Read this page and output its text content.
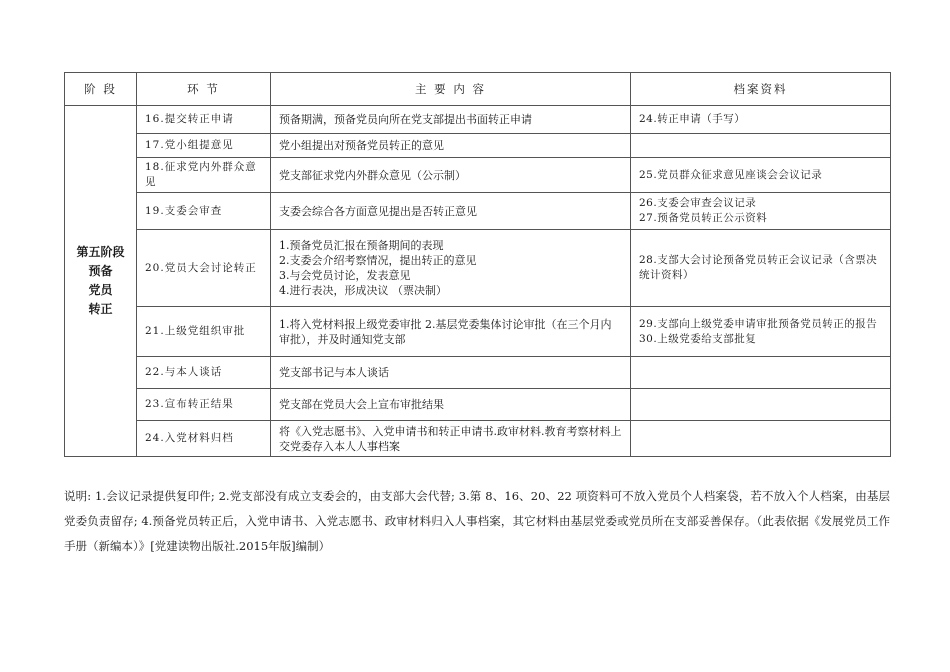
阶 段	环 节	主 要 内 容	档案资料

第五阶段
预备
党员
转正	16.提交转正申请	预备期满，预备党员向所在党支部提出书面转正申请	24.转正申请（手写）

	17.党小组提意见	党小组提出对预备党员转正的意见	

	18.征求党内外群众意见	党支部征求党内外群众意见（公示制）	25.党员群众征求意见座谈会会议记录

	19.支委会审查	支委会综合各方面意见提出是否转正意见	26.支委会审查会议记录
27.预备党员转正公示资料

	20.党员大会讨论转正	1.预备党员汇报在预备期间的表现
2.支委会介绍考察情况，提出转正的意见
3.与会党员讨论，发表意见
4.进行表决，形成决议 （票决制）	28.支部大会讨论预备党员转正会议记录（含票决统计资料）

	21.上级党组织审批	1.将入党材料报上级党委审批 2.基层党委集体讨论审批（在三个月内审批），并及时通知党支部	29.支部向上级党委申请审批预备党员转正的报告
30.上级党委给支部批复

	22.与本人谈话	党支部书记与本人谈话	

	23.宣布转正结果	党支部在党员大会上宣布审批结果	

	24.入党材料归档	将《入党志愿书》、入党申请书和转正申请书.政审材料.教育考察材料上交党委存入本人人事档案	

说明: 1.会议记录提供复印件; 2.党支部没有成立支委会的，由支部大会代替; 3.第 8、16、20、22 项资料可不放入党员个人档案袋，若不放入个人档案，由基层党委负责留存; 4.预备党员转正后，入党申请书、入党志愿书、政审材料归入人事档案，其它材料由基层党委或党员所在支部妥善保存。（此表依据《发展党员工作手册（新编本）》[党建读物出版社.2015年版]编制）
